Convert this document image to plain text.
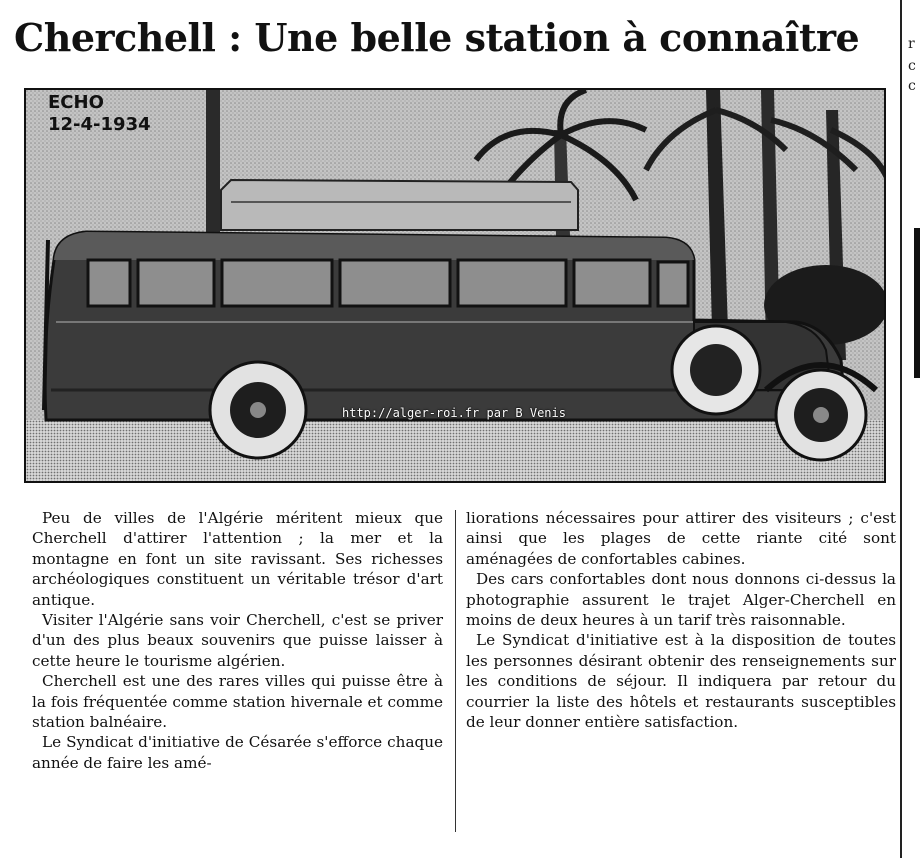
Cherchell : Une belle station à connaître	r
c
c
ECHO
12-4-1934
http://alger-roi.fr par B Venis

Peu de villes de l'Algérie méritent mieux que Cherchell d'attirer l'attention ; la mer et la montagne en font un site ravissant. Ses richesses archéologiques constituent un véritable trésor d'art antique.

Visiter l'Algérie sans voir Cherchell, c'est se priver d'un des plus beaux souvenirs que puisse laisser à cette heure le tourisme algérien.

Cherchell est une des rares villes qui puisse être à la fois fréquentée comme station hivernale et comme station balnéaire.

Le Syndicat d'initiative de Césarée s'efforce chaque année de faire les amé-

liorations nécessaires pour attirer des visiteurs ; c'est ainsi que les plages de cette riante cité sont aménagées de confortables cabines.

Des cars confortables dont nous donnons ci-dessus la photographie assurent le trajet Alger-Cherchell en moins de deux heures à un tarif très raisonnable.

Le Syndicat d'initiative est à la disposition de toutes les personnes désirant obtenir des renseignements sur les conditions de séjour. Il indiquera par retour du courrier la liste des hôtels et restaurants susceptibles de leur donner entière satisfaction.
